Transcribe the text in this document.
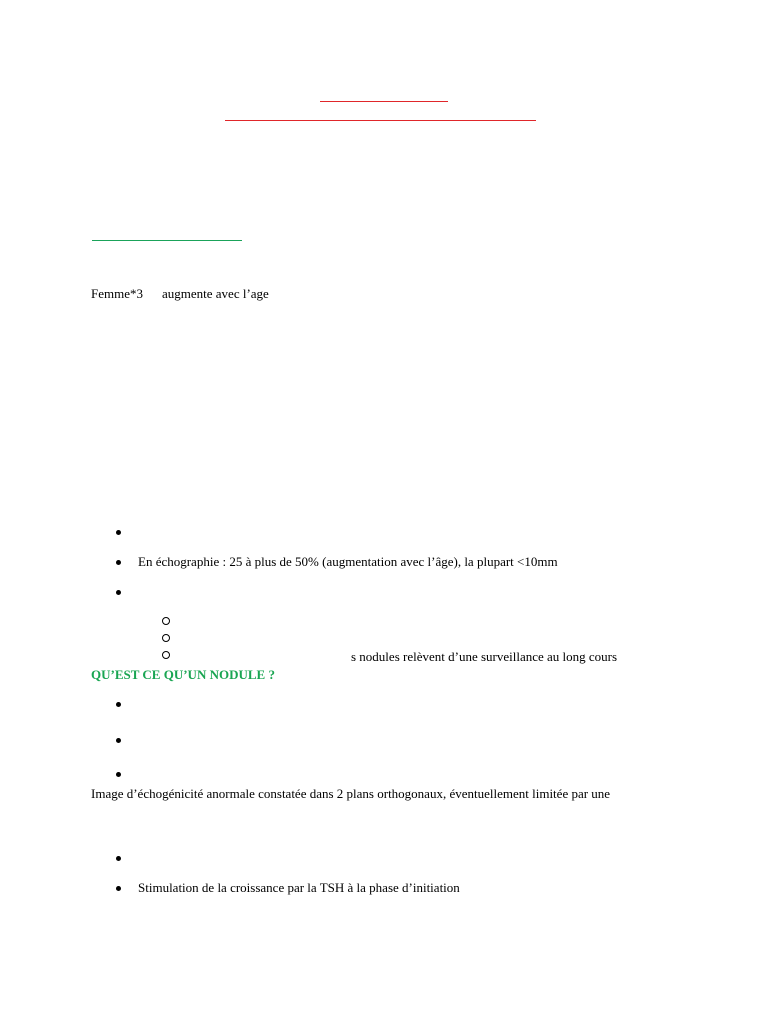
Femme*3 augmente avec l’age
En échographie : 25 à plus de 50% (augmentation avec l’âge), la plupart <10mm
s nodules relèvent d’une surveillance au long cours
QU’EST CE QU’UN NODULE ?
Image d’échogénicité anormale constatée dans 2 plans orthogonaux, éventuellement limitée par une
Stimulation de la croissance par la TSH à la phase d’initiation
